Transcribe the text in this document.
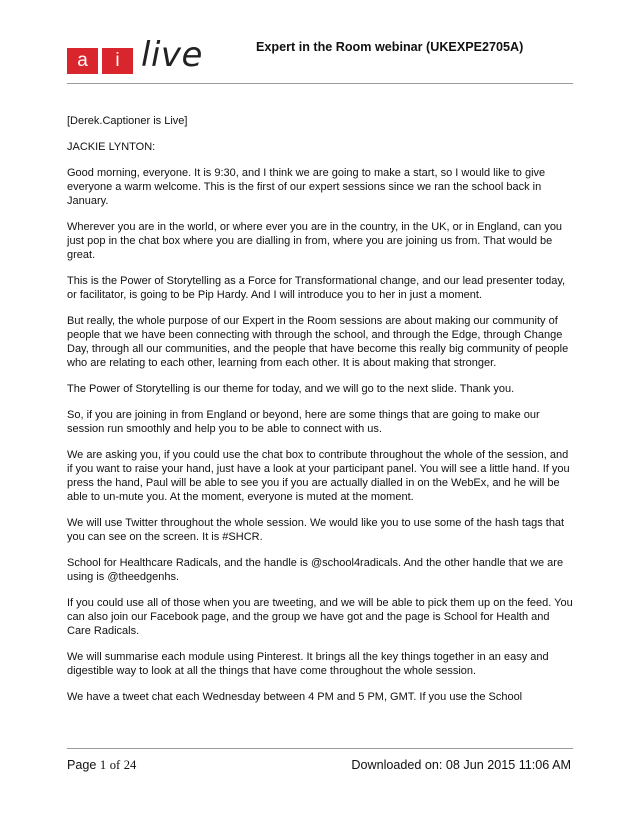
a	i live	Expert in the Room webinar (UKEXPE2705A)

[Derek.Captioner is Live]

JACKIE LYNTON:

Good morning, everyone. It is 9:30, and I think we are going to make a start, so I would like to give everyone a warm welcome. This is the first of our expert sessions since we ran the school back in January.

Wherever you are in the world, or where ever you are in the country, in the UK, or in England, can you just pop in the chat box where you are dialling in from, where you are joining us from. That would be great.

This is the Power of Storytelling as a Force for Transformational change, and our lead presenter today, or facilitator, is going to be Pip Hardy. And I will introduce you to her in just a moment.

But really, the whole purpose of our Expert in the Room sessions are about making our community of people that we have been connecting with through the school, and through the Edge, through Change Day, through all our communities, and the people that have become this really big community of people who are relating to each other, learning from each other. It is about making that stronger.

The Power of Storytelling is our theme for today, and we will go to the next slide. Thank you.

So, if you are joining in from England or beyond, here are some things that are going to make our session run smoothly and help you to be able to connect with us.

We are asking you, if you could use the chat box to contribute throughout the whole of the session, and if you want to raise your hand, just have a look at your participant panel. You will see a little hand. If you press the hand, Paul will be able to see you if you are actually dialled in on the WebEx, and he will be able to un-mute you. At the moment, everyone is muted at the moment.

We will use Twitter throughout the whole session. We would like you to use some of the hash tags that you can see on the screen. It is #SHCR.

School for Healthcare Radicals, and the handle is @school4radicals. And the other handle that we are using is @theedgenhs.

If you could use all of those when you are tweeting, and we will be able to pick them up on the feed. You can also join our Facebook page, and the group we have got and the page is School for Health and Care Radicals.

We will summarise each module using Pinterest. It brings all the key things together in an easy and digestible way to look at all the things that have come throughout the whole session.

We have a tweet chat each Wednesday between 4 PM and 5 PM, GMT. If you use the School

Page 1 of 24	Downloaded on: 08 Jun 2015 11:06 AM
